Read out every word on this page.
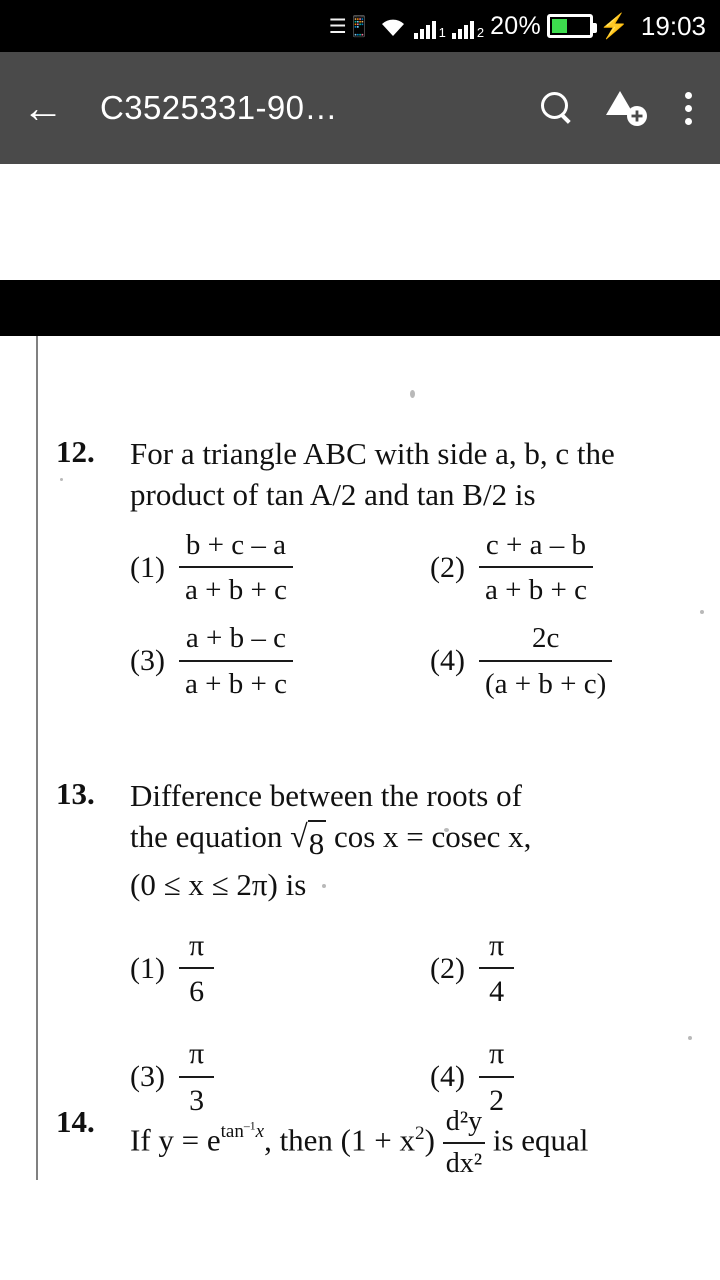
☰📱	1 2 20% ⚡ 19:03
←	C3525331-90…
12.	For a triangle ABC with side a, b, c the
product of tan A/2 and tan B/2 is
$(1) \frac{b + c - a}{a + b + c}$	$(2) \frac{c + a - b}{a + b + c}$
$(3) \frac{a + b - c}{a + b + c}$	$(4) \frac{2c}{(a + b + c)}$
13.	Difference between the roots of
the equation √ 8 cos x = cosec x,
(0 ≤ x ≤ 2π) is
$(1) \frac{\pi}{6}$	$(2) \frac{\pi}{4}$
$(3) \frac{\pi}{3}$	$(4) \frac{\pi}{2}$
14.
If $y = e^{tan^{-1}x}$, then $(1 + x^2) \frac{\text{d²y}}{\text{dx²}}$ is equal
